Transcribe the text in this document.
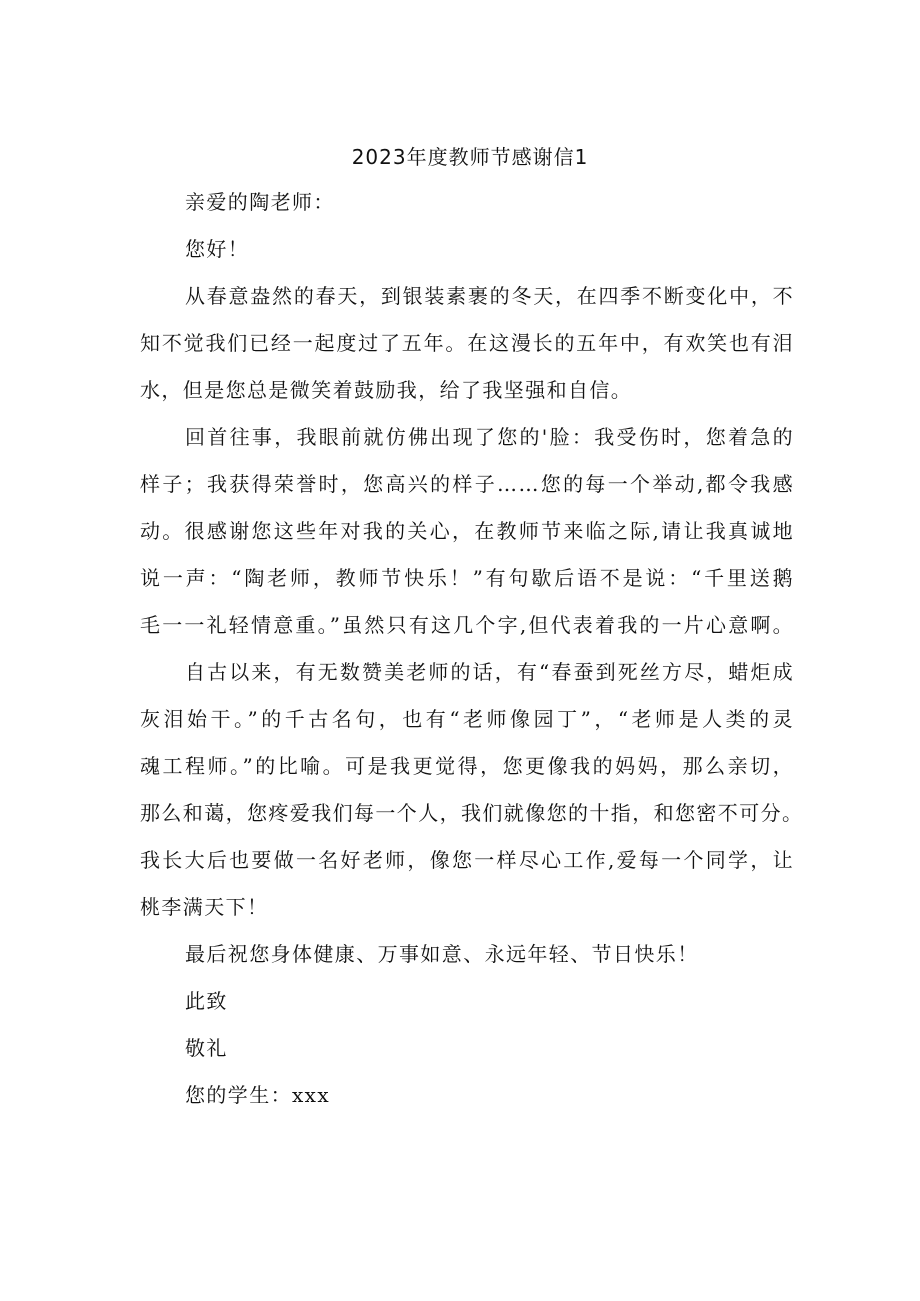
2023年度教师节感谢信1
亲爱的陶老师：
您好！
从春意盎然的春天，到银装素裹的冬天，在四季不断变化中，不
知不觉我们已经一起度过了五年。在这漫长的五年中，有欢笑也有泪
水，但是您总是微笑着鼓励我，给了我坚强和自信。
回首往事，我眼前就仿佛出现了您的'脸：我受伤时，您着急的
样子；我获得荣誉时，您高兴的样子……您的每一个举动,都令我感
动。很感谢您这些年对我的关心，在教师节来临之际,请让我真诚地
说一声：“陶老师，教师节快乐！”有句歇后语不是说：“千里送鹅
毛一一礼轻情意重。”虽然只有这几个字,但代表着我的一片心意啊。
自古以来，有无数赞美老师的话，有“春蚕到死丝方尽，蜡炬成
灰泪始干。”的千古名句，也有“老师像园丁”，“老师是人类的灵
魂工程师。”的比喻。可是我更觉得，您更像我的妈妈，那么亲切，
那么和蔼，您疼爱我们每一个人，我们就像您的十指，和您密不可分。
我长大后也要做一名好老师，像您一样尽心工作,爱每一个同学，让
桃李满天下！
最后祝您身体健康、万事如意、永远年轻、节日快乐！
此致
敬礼
您的学生：xxx
